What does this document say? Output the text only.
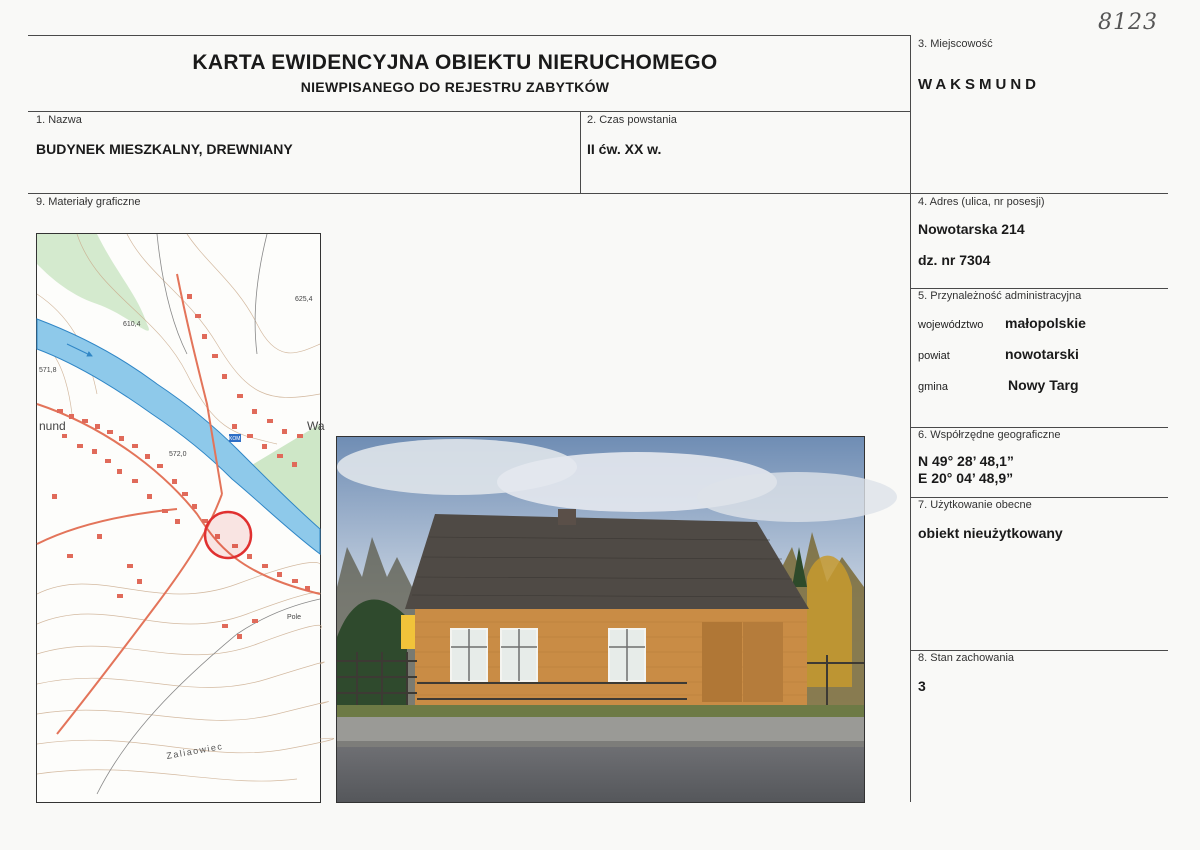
8123
KARTA EWIDENCYJNA OBIEKTU NIERUCHOMEGO
NIEWPISANEGO DO REJESTRU ZABYTKÓW
1. Nazwa
BUDYNEK MIESZKALNY, DREWNIANY
2. Czas powstania
II ćw. XX w.
3. Miejscowość
WAKSMUND
4. Adres (ulica, nr posesji)
Nowotarska 214
dz. nr 7304
5. Przynależność administracyjna
województwo małopolskie
powiat	nowotarski
gmina	Nowy Targ
6. Współrzędne geograficzne
N 49° 28’ 48,1”
E 20° 04’ 48,9”
7. Użytkowanie obecne
obiekt nieużytkowany
8. Stan zachowania
3
9. Materiały graficzne
625,4
610,4
571,8
572,0
nund	Wa
KOM
Pole
Zaliaowiec
